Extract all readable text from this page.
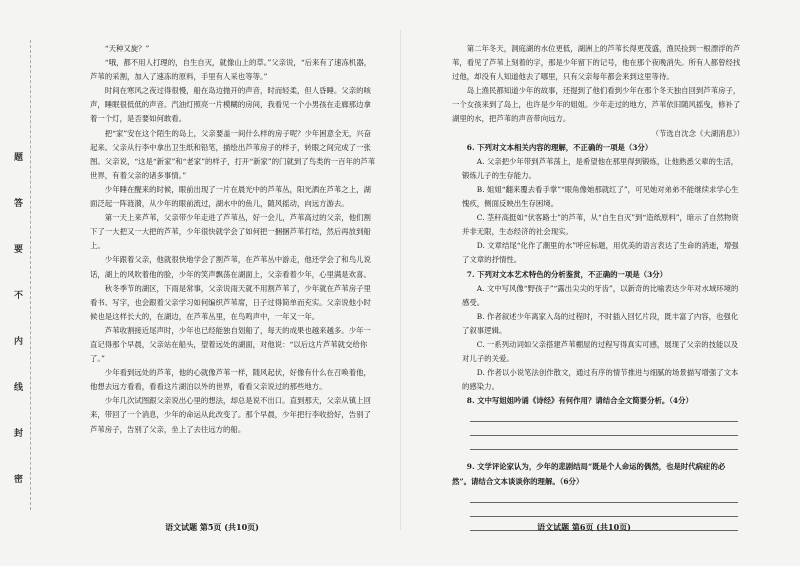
题
答
要
不
内
线
封
密

“天种又旋？”

“哦，都不用人打理的，自生自灭，就像山上的草。”父亲说，“后来有了速冻机器，芦苇的采割，加入了速冻的原料，手里有人采也等等。”

时间在寒风之夜过得很慢，船在岛边抛开的声音，时而轻柔，但人昏睡。父亲的咳声，睡眠很低低的声音。汽油灯照亮一片模糊的房间，我看见一个小男孩在走廊那边拿着一个灯，是否要如何敢看。

把“家”安在这个陌生的岛上，父亲要盖一间什么样的房子呢？少年困意全无，兴奋起来。父亲从行李中拿出卫生纸和铅笔，描绘出芦苇房子的样子，转眼之间完成了一张图。父亲说，“这是“新家”和“老家”的样子，打开“新家”的门就到了鸟类的一百年的芦苇世界，有着父亲的诸多事情。”

少年睡在醒来的时候，眼前出现了一片在晨光中的芦苇丛，阳光洒在芦苇之上，湖面泛起一阵涟漪，从少年的眼前流过，湖水中的鱼儿，随风摇动，向远方游去。

第一天上来芦苇，父亲带少年走进了芦苇丛，好一会儿，芦苇高过的父亲，他们割下了一大把又一大把的芦苇，少年很快就学会了如何把一捆捆芦苇打结，然后再放到船上。

少年跟着父亲，他就很快地学会了割芦苇，在芦苇丛中游走，他还学会了和鸟儿说话，湖上的风吹着他的脸，少年的笑声飘荡在湖面上，父亲看着少年，心里满是欢喜。

秋冬季节的湖区，下雨是常事，父亲说雨天就不用割芦苇了，少年就在芦苇房子里看书、写字，也会跟着父亲学习如何编织芦苇席，日子过得简单而充实。父亲说他小时候也是这样长大的，在湖边，在芦苇丛里，在鸟鸣声中，一年又一年。

芦苇收割接近尾声时，少年也已经能独自划船了，每天的成果也越来越多。少年一直记得那个早晨，父亲站在船头，望着远处的湖面，对他说：“以后这片芦苇就交给你了。”

少年看到远处的芦苇，他的心就像芦苇一样，随风起伏，好像有什么在召唤着他，他想去远方看看，看看这片湖泊以外的世界，看看父亲说过的那些地方。

少年几次试图跟父亲说出心里的想法，却总是说不出口。直到那天，父亲从镇上回来，带回了一个消息，少年的命运从此改变了。那个早晨，少年把行李收拾好，告别了芦苇房子，告别了父亲，坐上了去往远方的船。

语文试题 第5页 (共10页)

第二年冬天，洞庭湖的水位更低，湖洲上的芦苇长得更茂盛，渔民捡到一根漂浮的芦苇，看见了芦苇上刻着的字，那是少年留下的记号，他在那个夜晚消失。所有人都曾经找过他，却没有人知道他去了哪里，只有父亲每年都会来到这里等待。

岛上渔民都知道少年的故事，还提到了他们看到少年在那个冬天独自回到芦苇房子，一个女孩来到了岛上，也许是少年的姐姐。少年走过的地方，芦苇依旧随风摇曳，修补了湖里的水，把芦苇的声音带向远方。

（节选自沈念《大湖消息》）

6. 下列对文本相关内容的理解，不正确的一项是（3分）

A. 父亲把少年带到芦苇荡上，是希望他在那里得到锻炼，让他熟悉父辈的生活，锻炼儿子的生存能力。

B. 姐姐“翻来覆去看手掌”“眼角像她那就红了”，可见她对弟弟不能继续求学心生愧疚，侧面反映出生存困境。

C. 茎秆高挺如“伏客路士”的芦苇，从“自生自灭”到“造纸原料”，暗示了自然物资并非无限，生态经济的社会现实。

D. 文章结尾“化作了潮里的水”呼应标题，用优美的语言表达了生命的消逝，增强了文章的抒情性。

7. 下列对文本艺术特色的分析鉴赏，不正确的一项是（3分）

A. 文中写风像“野孩子”“露出尖尖的牙齿”，以新奇的比喻表达少年对水域环境的感受。

B. 作者叙述少年离家入岛的过程时，不时插入回忆片段，既丰富了内容，也强化了叙事逻辑。

C. 一系列动词如父亲搭建芦苇棚屋的过程写得真实可感，展现了父亲的技能以及对儿子的关爱。

D. 作者以小说笔法创作散文，通过有序的情节推进与细腻的场景描写增强了文本的感染力。

8. 文中写姐姐吟诵《诗经》有何作用？请结合全文简要分析。（4分）

9. 文学评论家认为，少年的悲剧结局“既是个人命运的偶然，也是时代病症的必然”。请结合文本谈谈你的理解。（6分）

语文试题 第6页 (共10页)
